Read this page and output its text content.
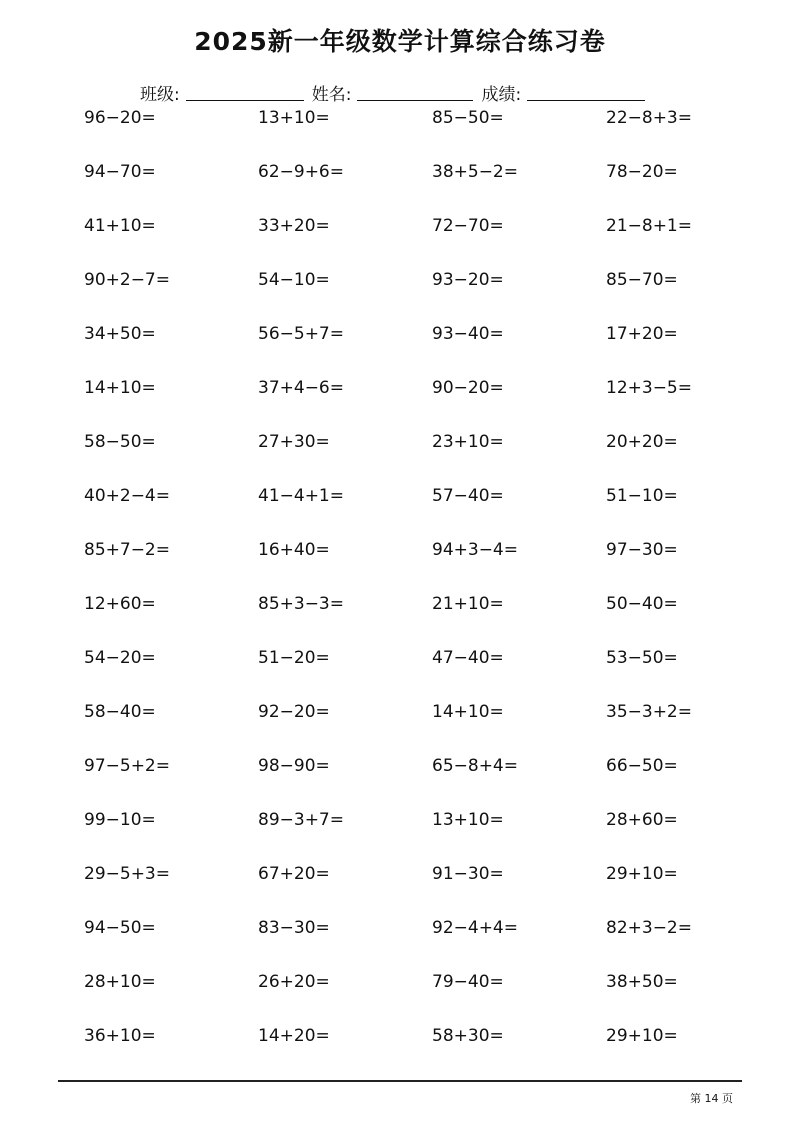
2025新一年级数学计算综合练习卷
班级:	姓名:	成绩:
96−20=	13+10=	85−50=	22−8+3=
94−70=	62−9+6=	38+5−2=	78−20=
41+10=	33+20=	72−70=	21−8+1=
90+2−7=	54−10=	93−20=	85−70=
34+50=	56−5+7=	93−40=	17+20=
14+10=	37+4−6=	90−20=	12+3−5=
58−50=	27+30=	23+10=	20+20=
40+2−4=	41−4+1=	57−40=	51−10=
85+7−2=	16+40=	94+3−4=	97−30=
12+60=	85+3−3=	21+10=	50−40=
54−20=	51−20=	47−40=	53−50=
58−40=	92−20=	14+10=	35−3+2=
97−5+2=	98−90=	65−8+4=	66−50=
99−10=	89−3+7=	13+10=	28+60=
29−5+3=	67+20=	91−30=	29+10=
94−50=	83−30=	92−4+4=	82+3−2=
28+10=	26+20=	79−40=	38+50=
36+10=	14+20=	58+30=	29+10=
第 14 页
